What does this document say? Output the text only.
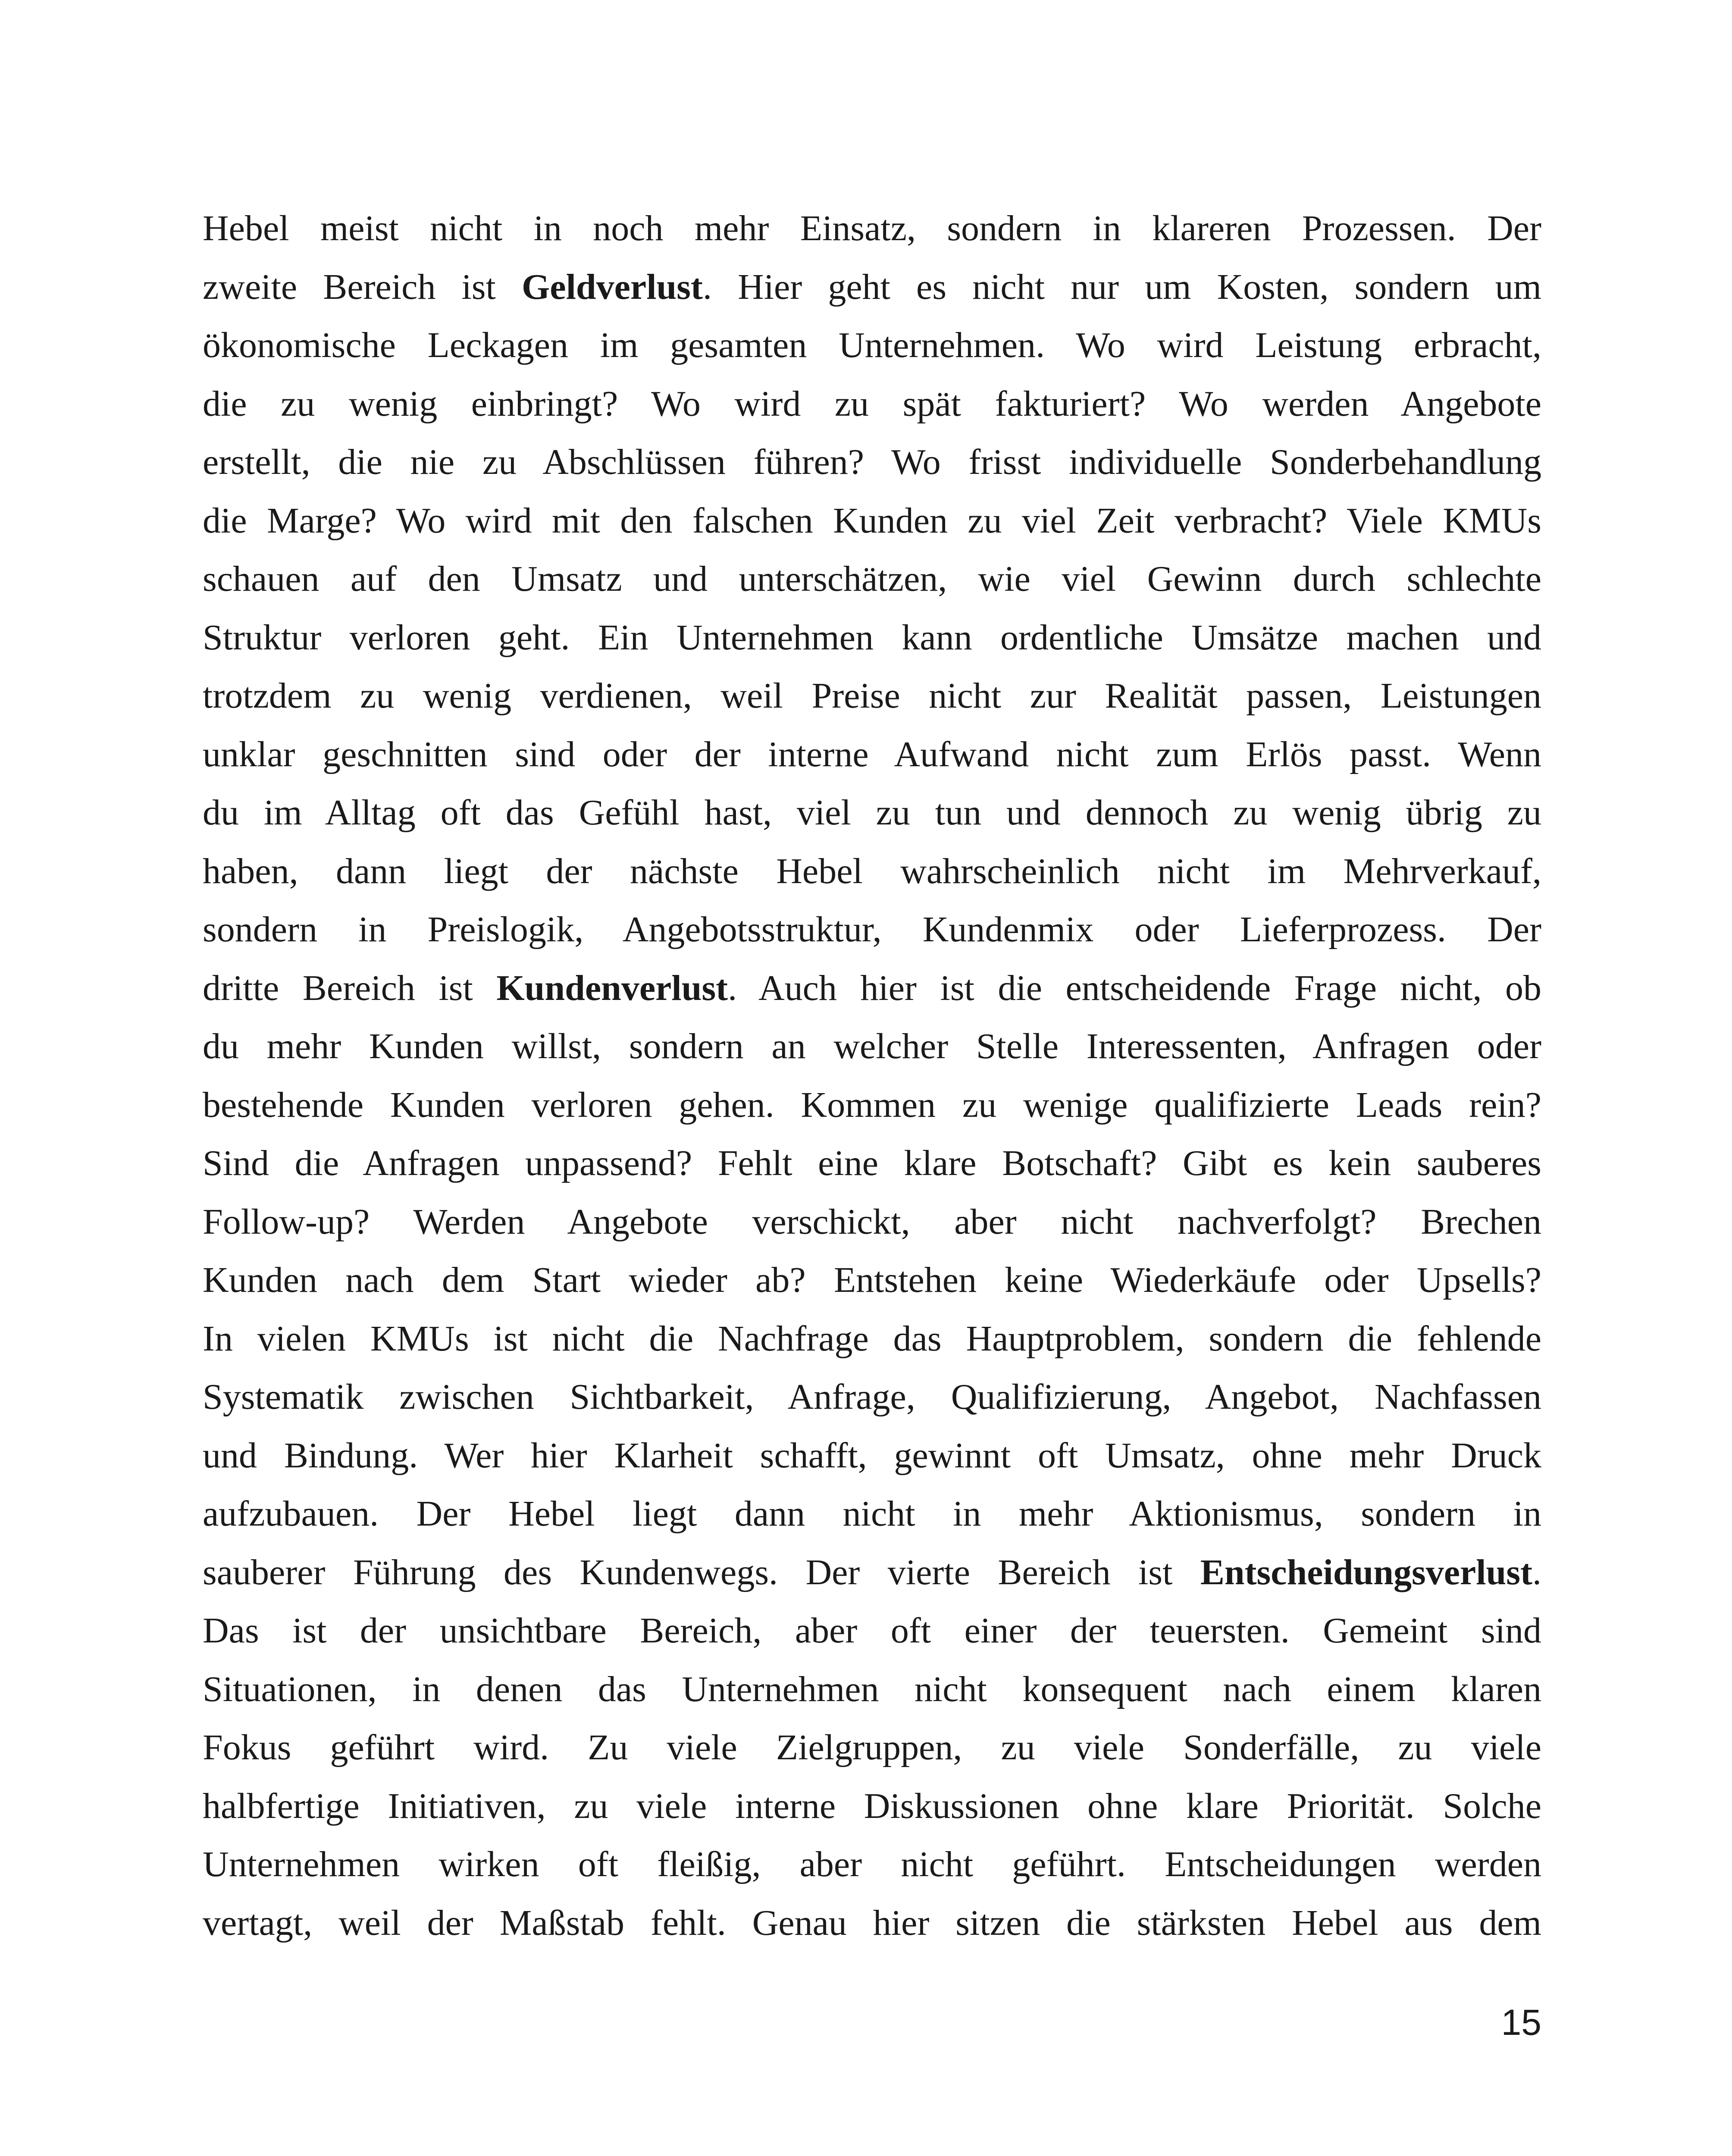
Hebel meist nicht in noch mehr Einsatz, sondern in klareren Prozessen. Der
zweite Bereich ist Geldverlust. Hier geht es nicht nur um Kosten, sondern um
ökonomische Leckagen im gesamten Unternehmen. Wo wird Leistung erbracht,
die zu wenig einbringt? Wo wird zu spät fakturiert? Wo werden Angebote
erstellt, die nie zu Abschlüssen führen? Wo frisst individuelle Sonderbehandlung
die Marge? Wo wird mit den falschen Kunden zu viel Zeit verbracht? Viele KMUs
schauen auf den Umsatz und unterschätzen, wie viel Gewinn durch schlechte
Struktur verloren geht. Ein Unternehmen kann ordentliche Umsätze machen und
trotzdem zu wenig verdienen, weil Preise nicht zur Realität passen, Leistungen
unklar geschnitten sind oder der interne Aufwand nicht zum Erlös passt. Wenn
du im Alltag oft das Gefühl hast, viel zu tun und dennoch zu wenig übrig zu
haben, dann liegt der nächste Hebel wahrscheinlich nicht im Mehrverkauf,
sondern in Preislogik, Angebotsstruktur, Kundenmix oder Lieferprozess. Der
dritte Bereich ist Kundenverlust. Auch hier ist die entscheidende Frage nicht, ob
du mehr Kunden willst, sondern an welcher Stelle Interessenten, Anfragen oder
bestehende Kunden verloren gehen. Kommen zu wenige qualifizierte Leads rein?
Sind die Anfragen unpassend? Fehlt eine klare Botschaft? Gibt es kein sauberes
Follow-up? Werden Angebote verschickt, aber nicht nachverfolgt? Brechen
Kunden nach dem Start wieder ab? Entstehen keine Wiederkäufe oder Upsells?
In vielen KMUs ist nicht die Nachfrage das Hauptproblem, sondern die fehlende
Systematik zwischen Sichtbarkeit, Anfrage, Qualifizierung, Angebot, Nachfassen
und Bindung. Wer hier Klarheit schafft, gewinnt oft Umsatz, ohne mehr Druck
aufzubauen. Der Hebel liegt dann nicht in mehr Aktionismus, sondern in
sauberer Führung des Kundenwegs. Der vierte Bereich ist Entscheidungsverlust.
Das ist der unsichtbare Bereich, aber oft einer der teuersten. Gemeint sind
Situationen, in denen das Unternehmen nicht konsequent nach einem klaren
Fokus geführt wird. Zu viele Zielgruppen, zu viele Sonderfälle, zu viele
halbfertige Initiativen, zu viele interne Diskussionen ohne klare Priorität. Solche
Unternehmen wirken oft fleißig, aber nicht geführt. Entscheidungen werden
vertagt, weil der Maßstab fehlt. Genau hier sitzen die stärksten Hebel aus dem
15
